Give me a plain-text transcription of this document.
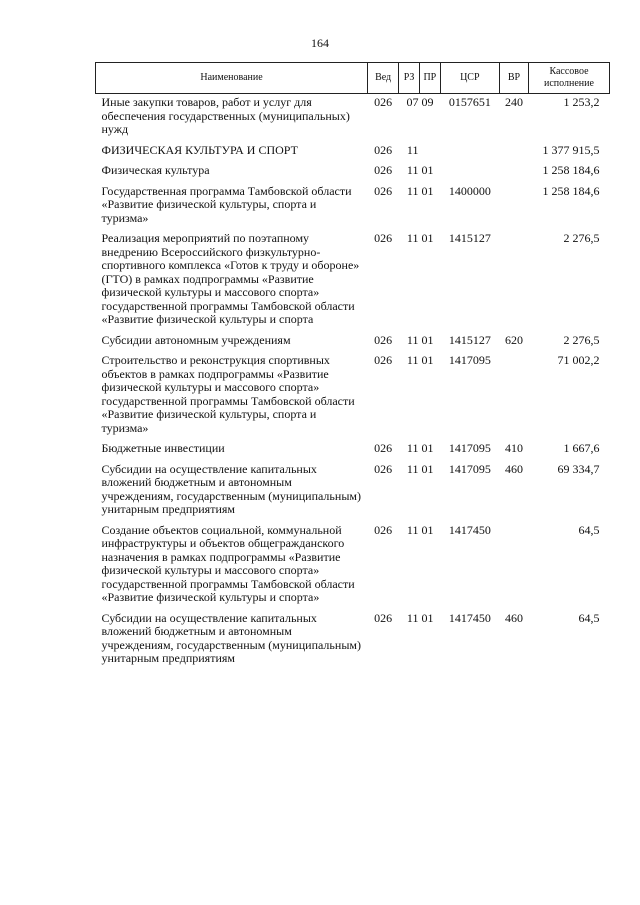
164
Наименование	Вед	РЗ	ПР	ЦСР	ВР	Кассовое исполнение
Иные закупки товаров, работ и услуг для обеспечения государственных (муниципальных) нужд	026	07	09	0157651	240	1 253,2
ФИЗИЧЕСКАЯ КУЛЬТУРА И СПОРТ	026	11				1 377 915,5
Физическая культура	026	11	01			1 258 184,6
Государственная программа Тамбовской области «Развитие физической культуры, спорта и туризма»	026	11	01	1400000		1 258 184,6
Реализация мероприятий по поэтапному внедрению Всероссийского физкультурно-спортивного комплекса «Готов к труду и обороне» (ГТО) в рамках подпрограммы «Развитие физической культуры и массового спорта» государственной программы Тамбовской области «Развитие физической культуры и спорта	026	11	01	1415127		2 276,5
Субсидии автономным учреждениям	026	11	01	1415127	620	2 276,5
Строительство и реконструкция спортивных объектов в рамках подпрограммы «Развитие физической культуры и массового спорта» государственной программы Тамбовской области «Развитие физической культуры, спорта и туризма»	026	11	01	1417095		71 002,2
Бюджетные инвестиции	026	11	01	1417095	410	1 667,6
Субсидии на осуществление капитальных вложений бюджетным и автономным учреждениям, государственным (муниципальным) унитарным предприятиям	026	11	01	1417095	460	69 334,7
Создание объектов социальной, коммунальной инфраструктуры и объектов общегражданского назначения в рамках подпрограммы «Развитие физической культуры и массового спорта» государственной программы Тамбовской области «Развитие физической культуры и спорта»	026	11	01	1417450		64,5
Субсидии на осуществление капитальных вложений бюджетным и автономным учреждениям, государственным (муниципальным) унитарным предприятиям	026	11	01	1417450	460	64,5
